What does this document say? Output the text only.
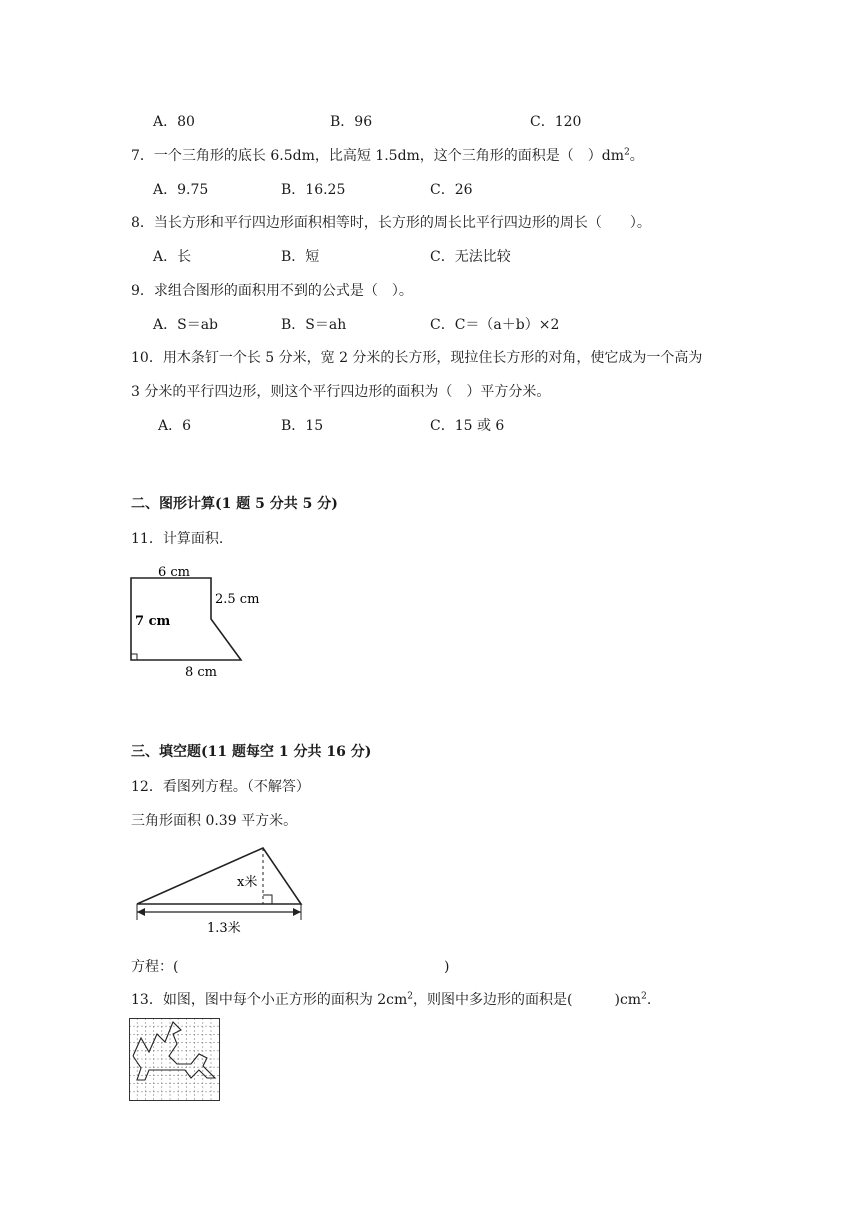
A．80	B．96	C．120
7．一个三角形的底长 6.5dm，比高短 1.5dm，这个三角形的面积是（　）$dm^2$。
A．9.75	B．16.25	C．26
8．当长方形和平行四边形面积相等时，长方形的周长比平行四边形的周长（　　）。
A．长	B．短	C．无法比较
9．求组合图形的面积用不到的公式是（　）。
A．S＝ab	B．S＝ah	C．C＝（a＋b）×2
10．用木条钉一个长 5 分米，宽 2 分米的长方形，现拉住长方形的对角，使它成为一个高为
3 分米的平行四边形，则这个平行四边形的面积为（　）平方分米。
A．6	B．15	C．15 或 6
二、图形计算(1 题 5 分共 5 分)
11．计算面积.
6 cm
2.5 cm
7 cm
8 cm
三、填空题(11 题每空 1 分共 16 分)
12．看图列方程。（不解答）
三角形面积 0.39 平方米。
x米
1.3米
方程：(	)
13．如图，图中每个小正方形的面积为 $2cm^2$，则图中多边形的面积是(　　　)$cm^2$.
